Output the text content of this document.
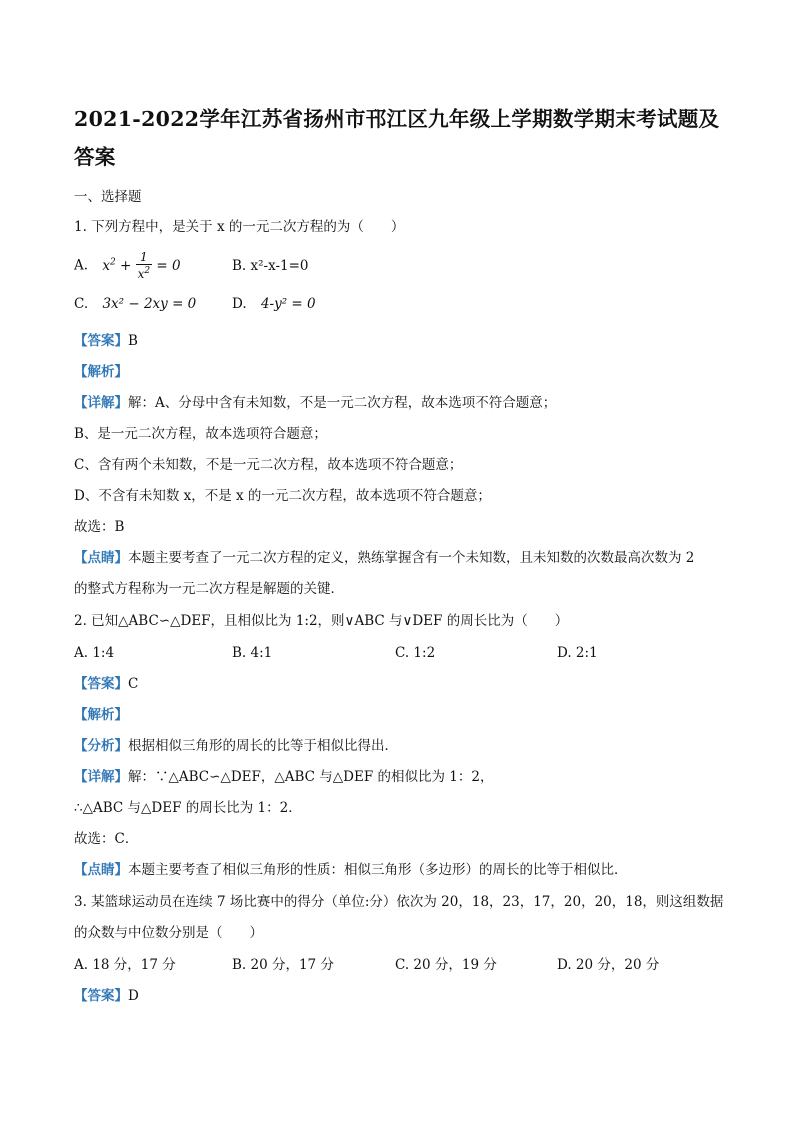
2021-2022学年江苏省扬州市邗江区九年级上学期数学期末考试题及答案
一、选择题
1. 下列方程中，是关于 x 的一元二次方程的为（　　）
A. $x^2 + \frac{1}{x^2} = 0$	B. x²-x-1=0
C. 3x² − 2xy = 0	D. 4-y² = 0
【答案】B
【解析】
【详解】解：A、分母中含有未知数，不是一元二次方程，故本选项不符合题意；
B、是一元二次方程，故本选项符合题意；
C、含有两个未知数，不是一元二次方程，故本选项不符合题意；
D、不含有未知数 x，不是 x 的一元二次方程，故本选项不符合题意；
故选：B
【点睛】本题主要考查了一元二次方程的定义，熟练掌握含有一个未知数，且未知数的次数最高次数为 2
的整式方程称为一元二次方程是解题的关键．
2. 已知△ABC∽△DEF，且相似比为 1:2，则∨ABC 与∨DEF 的周长比为（　　）
A. 1:4	B. 4:1	C. 1:2	D. 2:1
【答案】C
【解析】
【分析】根据相似三角形的周长的比等于相似比得出．
【详解】解：∵△ABC∽△DEF，△ABC 与△DEF 的相似比为 1：2，
∴△ABC 与△DEF 的周长比为 1：2．
故选：C．
【点睛】本题主要考查了相似三角形的性质：相似三角形（多边形）的周长的比等于相似比．
3. 某篮球运动员在连续 7 场比赛中的得分（单位:分）依次为 20，18，23，17，20，20，18，则这组数据
的众数与中位数分别是（　　）
A. 18 分，17 分	B. 20 分，17 分	C. 20 分，19 分	D. 20 分，20 分
【答案】D
